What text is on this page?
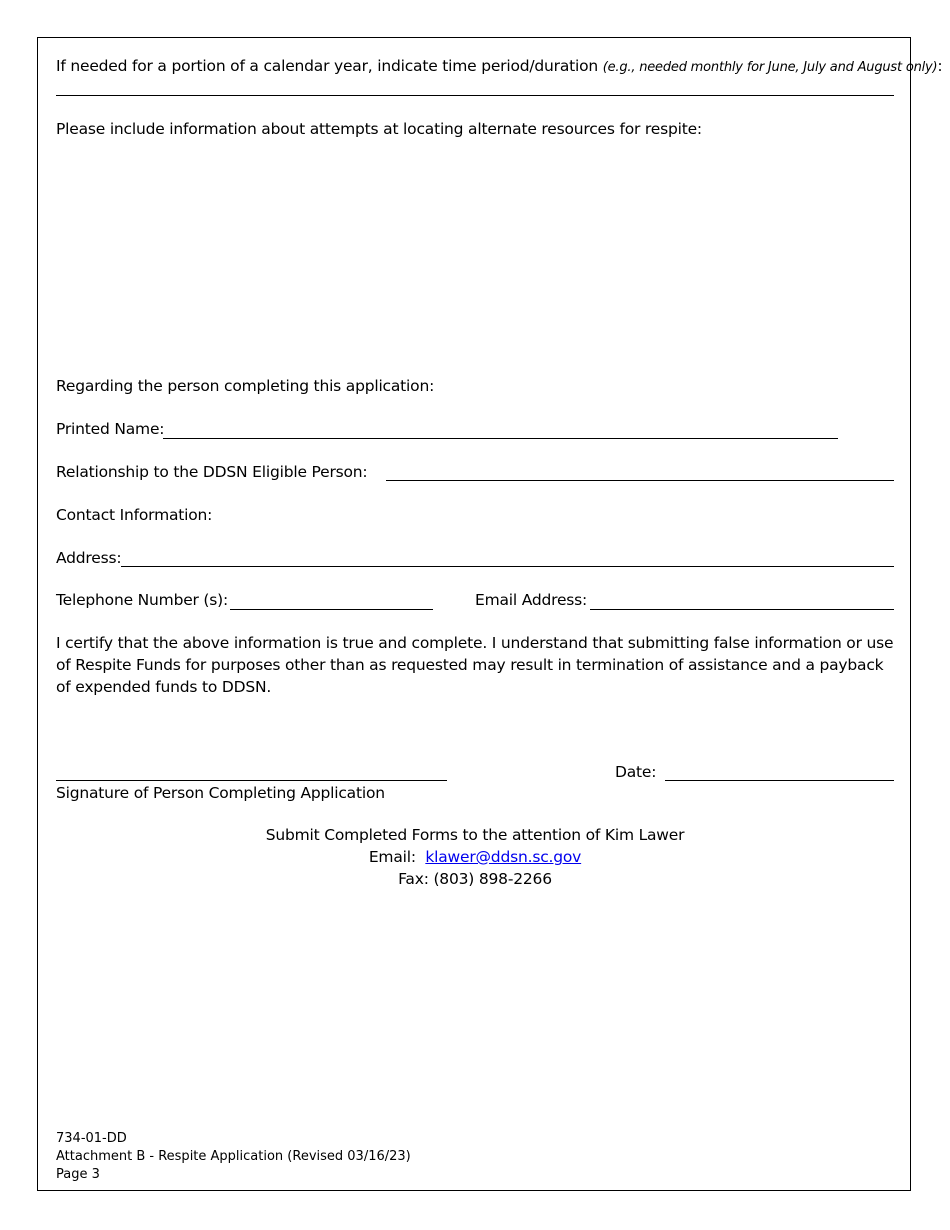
If needed for a portion of a calendar year, indicate time period/duration (e.g., needed monthly for June, July and August only):
Please include information about attempts at locating alternate resources for respite:
Regarding the person completing this application:
Printed Name:
Relationship to the DDSN Eligible Person:
Contact Information:
Address:
Telephone Number (s):	Email Address:
I certify that the above information is true and complete. I understand that submitting false information or use of Respite Funds for purposes other than as requested may result in termination of assistance and a payback of expended funds to DDSN.
Signature of Person Completing Application
Date:
Submit Completed Forms to the attention of Kim Lawer
Email: klawer@ddsn.sc.gov
Fax: (803) 898-2266
734-01-DD
Attachment B - Respite Application (Revised 03/16/23)
Page 3
